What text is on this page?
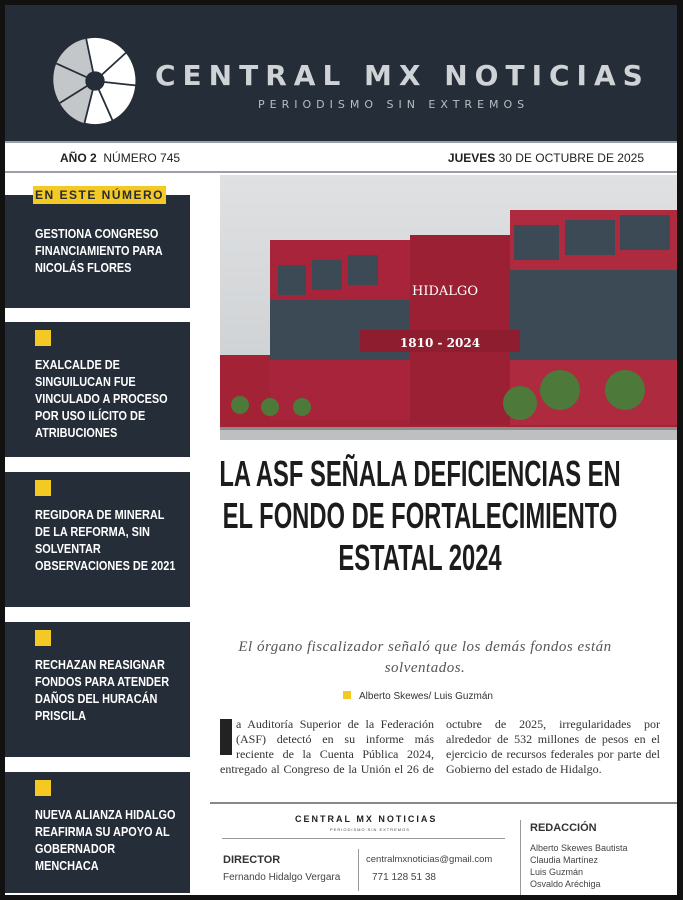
CENTRAL MX NOTICIAS
PERIODISMO SIN EXTREMOS
AÑO 2 NÚMERO 745	JUEVES 30 DE OCTUBRE DE 2025
EN ESTE NÚMERO
GESTIONA CONGRESO FINANCIAMIENTO PARA NICOLÁS FLORES
EXALCALDE DE SINGUILUCAN FUE VINCULADO A PROCESO POR USO ILÍCITO DE ATRIBUCIONES
REGIDORA DE MINERAL DE LA REFORMA, SIN SOLVENTAR OBSERVACIONES DE 2021
RECHAZAN REASIGNAR FONDOS PARA ATENDER DAÑOS DEL HURACÁN PRISCILA
NUEVA ALIANZA HIDALGO REAFIRMA SU APOYO AL GOBERNADOR MENCHACA
1810 - 2024
HIDALGO
LA ASF SEÑALA DEFICIENCIAS EN EL FONDO DE FORTALECIMIENTO ESTATAL 2024
El órgano fiscalizador señaló que los demás fondos están solventados.
Alberto Skewes/ Luis Guzmán
a Auditoría Superior de la Federación (ASF) detectó en su informe más reciente de la Cuenta Pública 2024, entregado al Congreso de la Unión el 26 de octubre de 2025, irregularidades por alrededor de 532 millones de pesos en el ejercicio de recursos federales por parte del Gobierno del estado de Hidalgo.
CENTRAL MX NOTICIAS
PERIODISMO SIN EXTREMOS
DIRECTOR
Fernando Hidalgo Vergara
centralmxnoticias@gmail.com
771 128 51 38
REDACCIÓN
Alberto Skewes Bautista
Claudia Martínez
Luis Guzmán
Osvaldo Aréchiga
